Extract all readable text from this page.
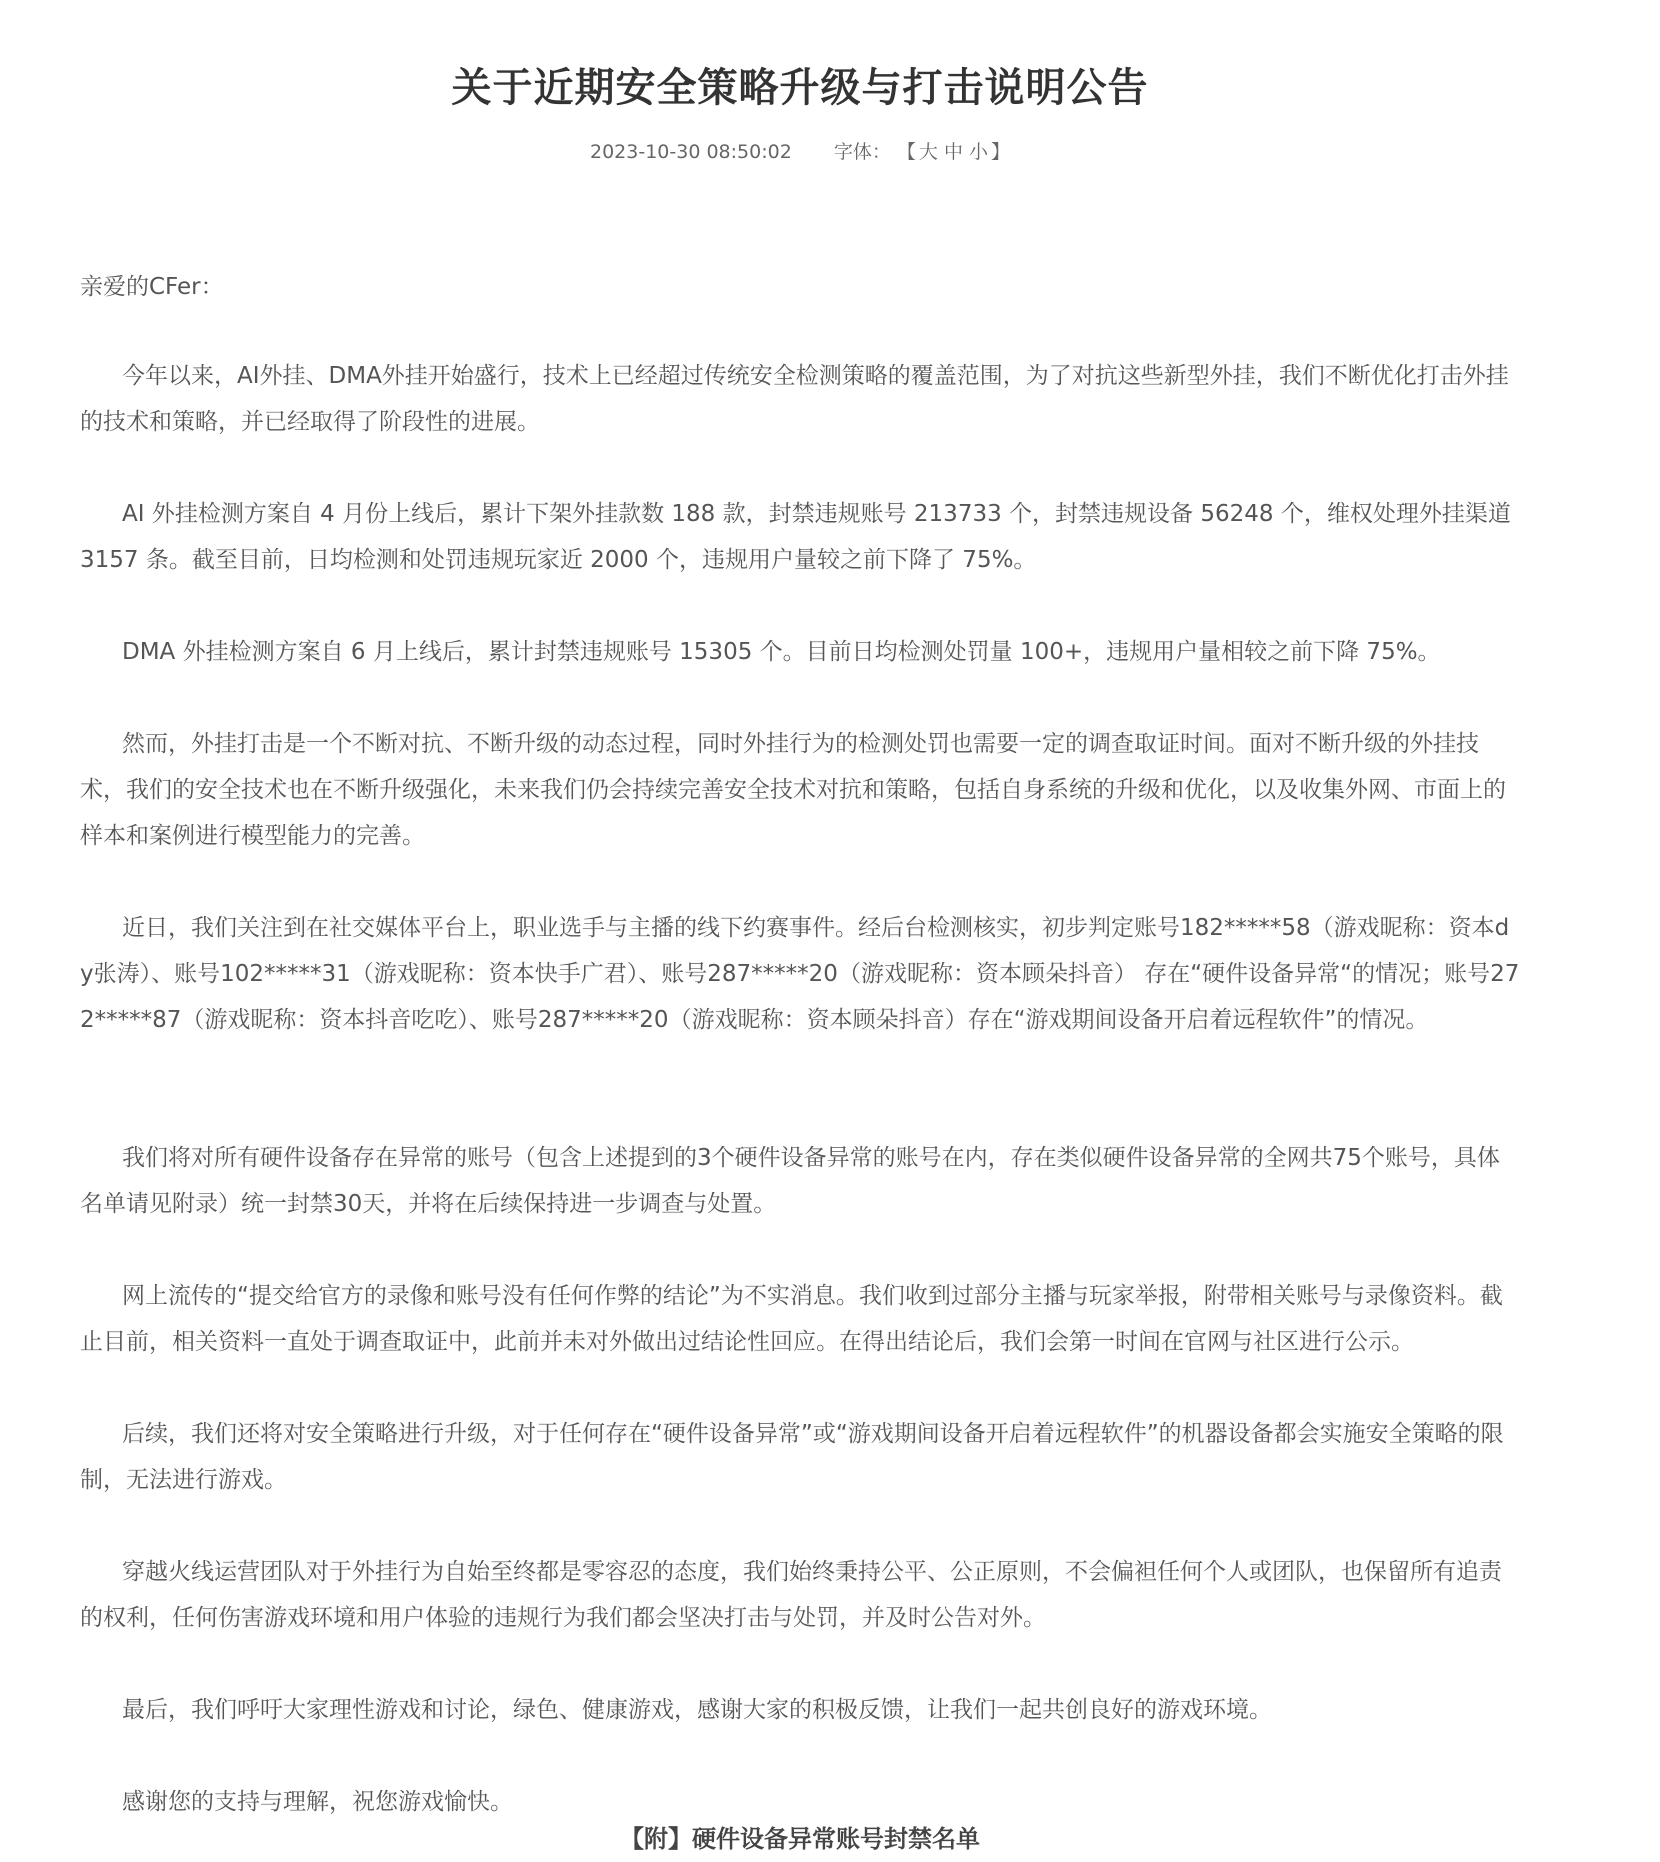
关于近期安全策略升级与打击说明公告
2023-10-30 08:50:02 字体： 【 大 中 小 】
亲爱的CFer：

今年以来，AI外挂、DMA外挂开始盛行，技术上已经超过传统安全检测策略的覆盖范围，为了对抗这些新型外挂，我们不断优化打击外挂的技术和策略，并已经取得了阶段性的进展。

AI 外挂检测方案自 4 月份上线后，累计下架外挂款数 188 款，封禁违规账号 213733 个，封禁违规设备 56248 个，维权处理外挂渠道 3157 条。截至目前，日均检测和处罚违规玩家近 2000 个，违规用户量较之前下降了 75%。

DMA 外挂检测方案自 6 月上线后，累计封禁违规账号 15305 个。目前日均检测处罚量 100+，违规用户量相较之前下降 75%。

然而，外挂打击是一个不断对抗、不断升级的动态过程，同时外挂行为的检测处罚也需要一定的调查取证时间。面对不断升级的外挂技术，我们的安全技术也在不断升级强化，未来我们仍会持续完善安全技术对抗和策略，包括自身系统的升级和优化，以及收集外网、市面上的样本和案例进行模型能力的完善。

近日，我们关注到在社交媒体平台上，职业选手与主播的线下约赛事件。经后台检测核实，初步判定账号182*****58（游戏昵称：资本dy张涛）、账号102*****31（游戏昵称：资本快手广君）、账号287*****20（游戏昵称：资本顾朵抖音） 存在“硬件设备异常“的情况；账号272*****87（游戏昵称：资本抖音吃吃）、账号287*****20（游戏昵称：资本顾朵抖音）存在“游戏期间设备开启着远程软件”的情况。

我们将对所有硬件设备存在异常的账号（包含上述提到的3个硬件设备异常的账号在内，存在类似硬件设备异常的全网共75个账号，具体名单请见附录）统一封禁30天，并将在后续保持进一步调查与处置。

网上流传的“提交给官方的录像和账号没有任何作弊的结论”为不实消息。我们收到过部分主播与玩家举报，附带相关账号与录像资料。截止目前，相关资料一直处于调查取证中，此前并未对外做出过结论性回应。在得出结论后，我们会第一时间在官网与社区进行公示。

后续，我们还将对安全策略进行升级，对于任何存在“硬件设备异常”或“游戏期间设备开启着远程软件”的机器设备都会实施安全策略的限制，无法进行游戏。

穿越火线运营团队对于外挂行为自始至终都是零容忍的态度，我们始终秉持公平、公正原则，不会偏袒任何个人或团队，也保留所有追责的权利，任何伤害游戏环境和用户体验的违规行为我们都会坚决打击与处罚，并及时公告对外。

最后，我们呼吁大家理性游戏和讨论，绿色、健康游戏，感谢大家的积极反馈，让我们一起共创良好的游戏环境。

感谢您的支持与理解，祝您游戏愉快。

【附】硬件设备异常账号封禁名单
